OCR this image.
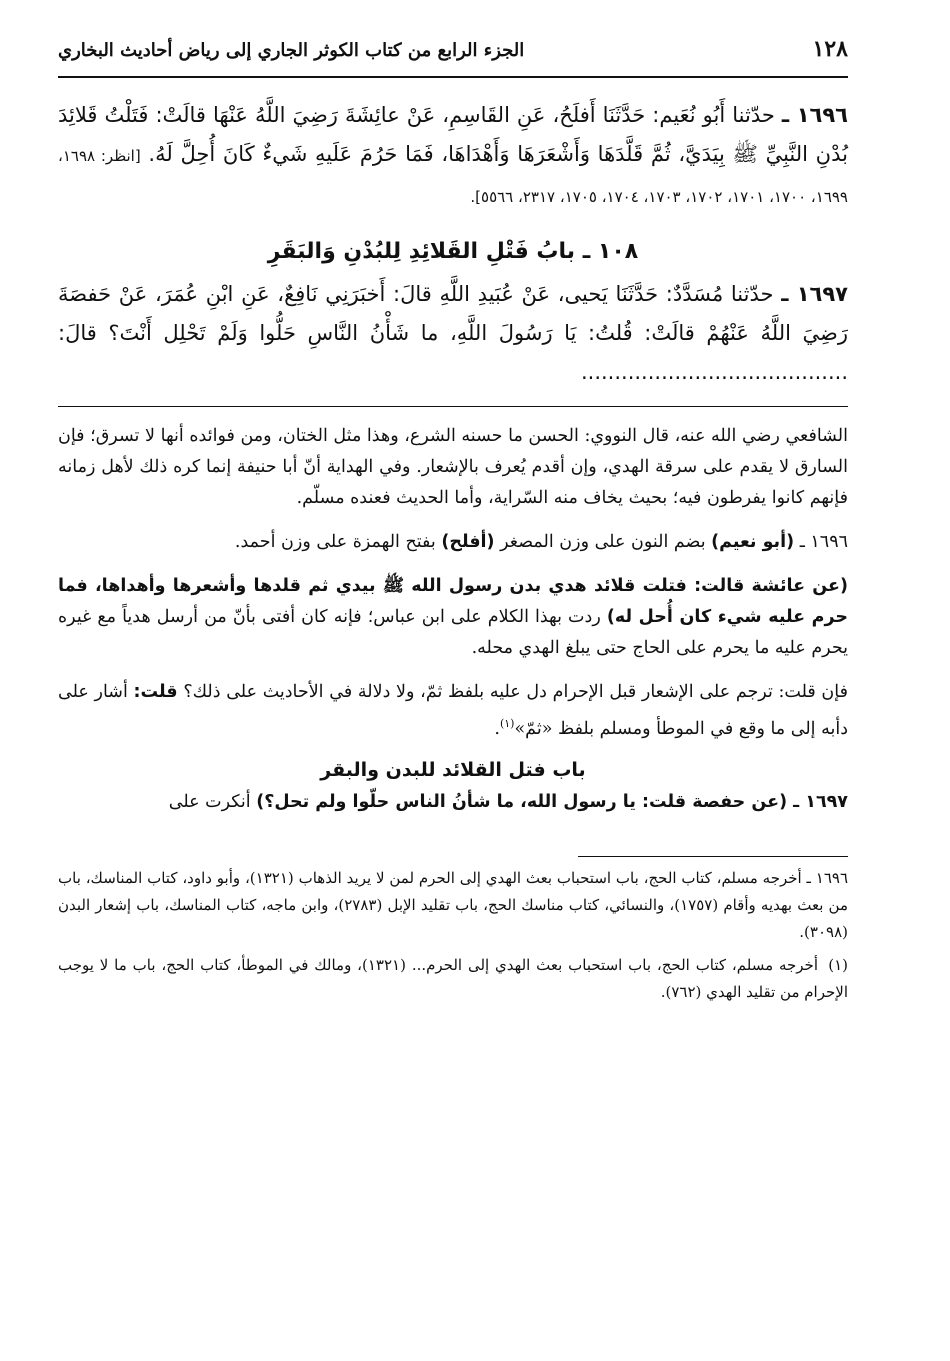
١٢٨
الجزء الرابع من كتاب الكوثر الجاري إلى رياض أحاديث البخاري

١٦٩٦ ـ حدّثنا أَبُو نُعَيم: حَدَّثَنَا أَفلَحُ، عَنِ القَاسِمِ، عَنْ عائِشَةَ رَضِيَ اللَّهُ عَنْهَا قالَتْ: فَتَلْتُ قَلائِدَ بُدْنِ النَّبِيِّ ﷺ بِيَدَيَّ، ثُمَّ قَلَّدَهَا وَأَشْعَرَهَا وَأَهْدَاهَا، فَمَا حَرُمَ عَلَيهِ شَيءٌ كَانَ أُحِلَّ لَهُ. [انظر: ١٦٩٨، ١٦٩٩، ١٧٠٠، ١٧٠١، ١٧٠٢، ١٧٠٣، ١٧٠٤، ١٧٠٥، ٢٣١٧، ٥٥٦٦].

١٠٨ ـ بابُ فَتْلِ القَلائِدِ لِلبُدْنِ وَالبَقَرِ

١٦٩٧ ـ حدّثنا مُسَدَّدٌ: حَدَّثَنَا يَحيى، عَنْ عُبَيدِ اللَّهِ قالَ: أَخبَرَنِي نَافِعٌ، عَنِ ابْنِ عُمَرَ، عَنْ حَفصَةَ رَضِيَ اللَّهُ عَنْهُمْ قالَتْ: قُلتُ: يَا رَسُولَ اللَّهِ، ما شَأْنُ النَّاسِ حَلُّوا وَلَمْ تَحْلِل أَنْتَ؟ قالَ: ........................................

الشافعي رضي الله عنه، قال النووي: الحسن ما حسنه الشرع، وهذا مثل الختان، ومن فوائده أنها لا تسرق؛ فإن السارق لا يقدم على سرقة الهدي، وإن أقدم يُعرف بالإشعار. وفي الهداية أنّ أبا حنيفة إنما كره ذلك لأهل زمانه فإنهم كانوا يفرطون فيه؛ بحيث يخاف منه السّراية، وأما الحديث فعنده مسلّم.

١٦٩٦ ـ (أبو نعيم) بضم النون على وزن المصغر (أفلح) بفتح الهمزة على وزن أحمد.

(عن عائشة قالت: فتلت قلائد هدي بدن رسول الله ﷺ بيدي ثم قلدها وأشعرها وأهداها، فما حرم عليه شيء كان أُحل له) ردت بهذا الكلام على ابن عباس؛ فإنه كان أفتى بأنّ من أرسل هدياً مع غيره يحرم عليه ما يحرم على الحاج حتى يبلغ الهدي محله.

فإن قلت: ترجم على الإشعار قبل الإحرام دل عليه بلفظ ثمّ، ولا دلالة في الأحاديث على ذلك؟ قلت: أشار على دأبه إلى ما وقع في الموطأ ومسلم بلفظ «ثمّ»$^{(١)}$.

باب فتل القلائد للبدن والبقر

١٦٩٧ ـ (عن حفصة قلت: يا رسول الله، ما شأنُ الناس حلّوا ولم تحل؟) أنكرت على

١٦٩٦ ـ أخرجه مسلم، كتاب الحج، باب استحباب بعث الهدي إلى الحرم لمن لا يريد الذهاب (١٣٢١)، وأبو داود، كتاب المناسك، باب من بعث بهديه وأقام (١٧٥٧)، والنسائي، كتاب مناسك الحج، باب تقليد الإبل (٢٧٨٣)، وابن ماجه، كتاب المناسك، باب إشعار البدن (٣٠٩٨).

(١)أخرجه مسلم، كتاب الحج، باب استحباب بعث الهدي إلى الحرم... (١٣٢١)، ومالك في الموطأ، كتاب الحج، باب ما لا يوجب الإحرام من تقليد الهدي (٧٦٢).
